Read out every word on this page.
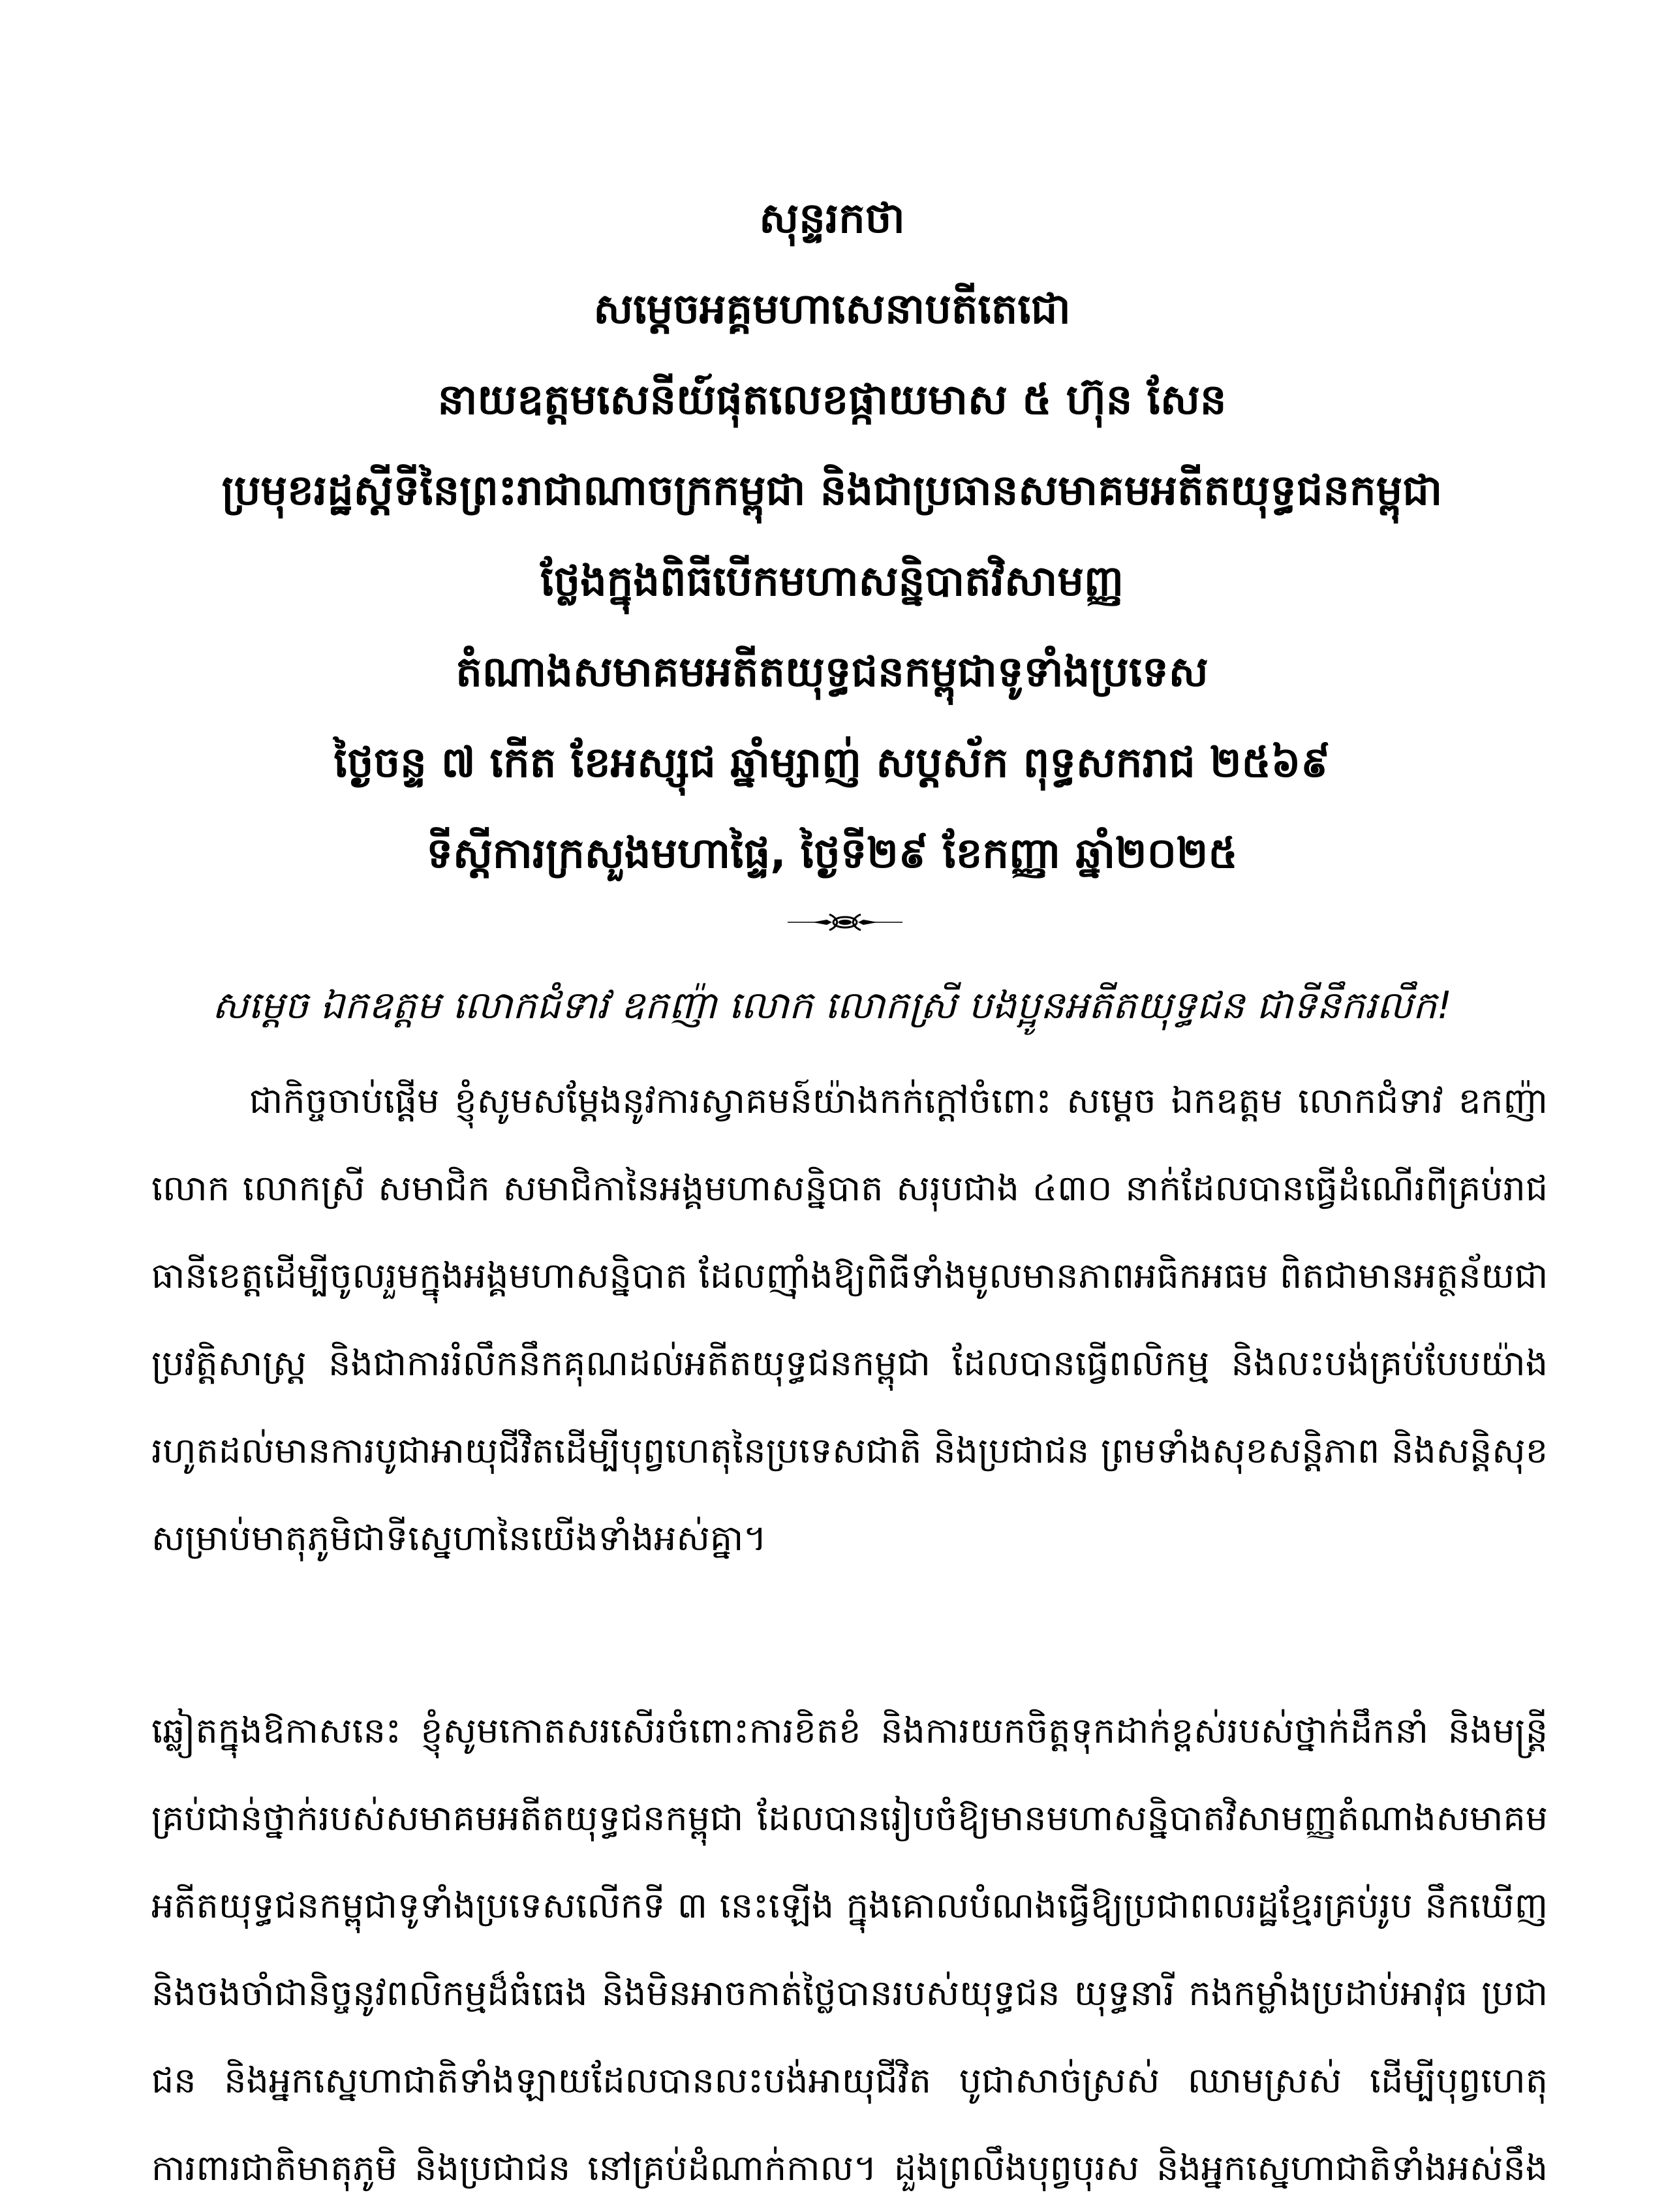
សុន្ទរកថា
សម្តេចអគ្គមហាសេនាបតីតេជោ
នាយឧត្តមសេនីយ៍ផុតលេខផ្កាយមាស ៥ ហ៊ុន សែន
ប្រមុខរដ្ឋស្តីទីនៃព្រះរាជាណាចក្រកម្ពុជា និងជាប្រធានសមាគមអតីតយុទ្ធជនកម្ពុជា
ថ្លែងក្នុងពិធីបើកមហាសន្និបាតវិសាមញ្ញ
តំណាងសមាគមអតីតយុទ្ធជនកម្ពុជាទូទាំងប្រទេស
ថ្ងៃចន្ទ ៧ កើត ខែអស្សុជ ឆ្នាំម្សាញ់ សប្តស័ក ពុទ្ធសករាជ ២៥៦៩
ទីស្តីការក្រសួងមហាផ្ទៃ, ថ្ងៃទី២៩ ខែកញ្ញា ឆ្នាំ២០២៥
សម្តេច ឯកឧត្តម លោកជំទាវ ឧកញ៉ា លោក លោកស្រី បងប្អូនអតីតយុទ្ធជន ជាទីនឹករលឹក!
ជាកិច្ចចាប់ផ្តើម ខ្ញុំសូមសម្តែងនូវការស្វាគមន៍យ៉ាងកក់ក្តៅចំពោះ សម្តេច ឯកឧត្តម លោកជំទាវ ឧកញ៉ា
លោក លោកស្រី សមាជិក សមាជិកានៃអង្គមហាសន្និបាត សរុបជាង ៤៣០ នាក់ដែលបានធ្វើដំណើរពីគ្រប់រាជ
ធានីខេត្តដើម្បីចូលរួមក្នុងអង្គមហាសន្និបាត ដែលញ៉ាំងឱ្យពិធីទាំងមូលមានភាពអធិកអធម ពិតជាមានអត្ថន័យជា
ប្រវត្តិសាស្ត្រ និងជាការរំលឹកនឹកគុណដល់អតីតយុទ្ធជនកម្ពុជា ដែលបានធ្វើពលិកម្ម និងលះបង់គ្រប់បែបយ៉ាង
រហូតដល់មានការបូជាអាយុជីវិតដើម្បីបុព្វហេតុនៃប្រទេសជាតិ និងប្រជាជន ព្រមទាំងសុខសន្តិភាព និងសន្តិសុខ
សម្រាប់មាតុភូមិជាទីស្នេហានៃយើងទាំងអស់គ្នា។
ឆ្លៀតក្នុងឱកាសនេះ ខ្ញុំសូមកោតសរសើរចំពោះការខិតខំ និងការយកចិត្តទុកដាក់ខ្ពស់របស់ថ្នាក់ដឹកនាំ និងមន្ត្រី
គ្រប់ជាន់ថ្នាក់របស់សមាគមអតីតយុទ្ធជនកម្ពុជា ដែលបានរៀបចំឱ្យមានមហាសន្និបាតវិសាមញ្ញតំណាងសមាគម
អតីតយុទ្ធជនកម្ពុជាទូទាំងប្រទេសលើកទី ៣ នេះឡើង ក្នុងគោលបំណងធ្វើឱ្យប្រជាពលរដ្ឋខ្មែរគ្រប់រូប នឹកឃើញ
និងចងចាំជានិច្ចនូវពលិកម្មដ៏ធំធេង និងមិនអាចកាត់ថ្លៃបានរបស់យុទ្ធជន យុទ្ធនារី កងកម្លាំងប្រដាប់អាវុធ ប្រជា
ជន និងអ្នកស្នេហាជាតិទាំងឡាយដែលបានលះបង់អាយុជីវិត បូជាសាច់ស្រស់ ឈាមស្រស់ ដើម្បីបុព្វហេតុ
ការពារជាតិមាតុភូមិ និងប្រជាជន នៅគ្រប់ដំណាក់កាល។ ដួងព្រលឹងបុព្វបុរស និងអ្នកស្នេហាជាតិទាំងអស់នឹង
